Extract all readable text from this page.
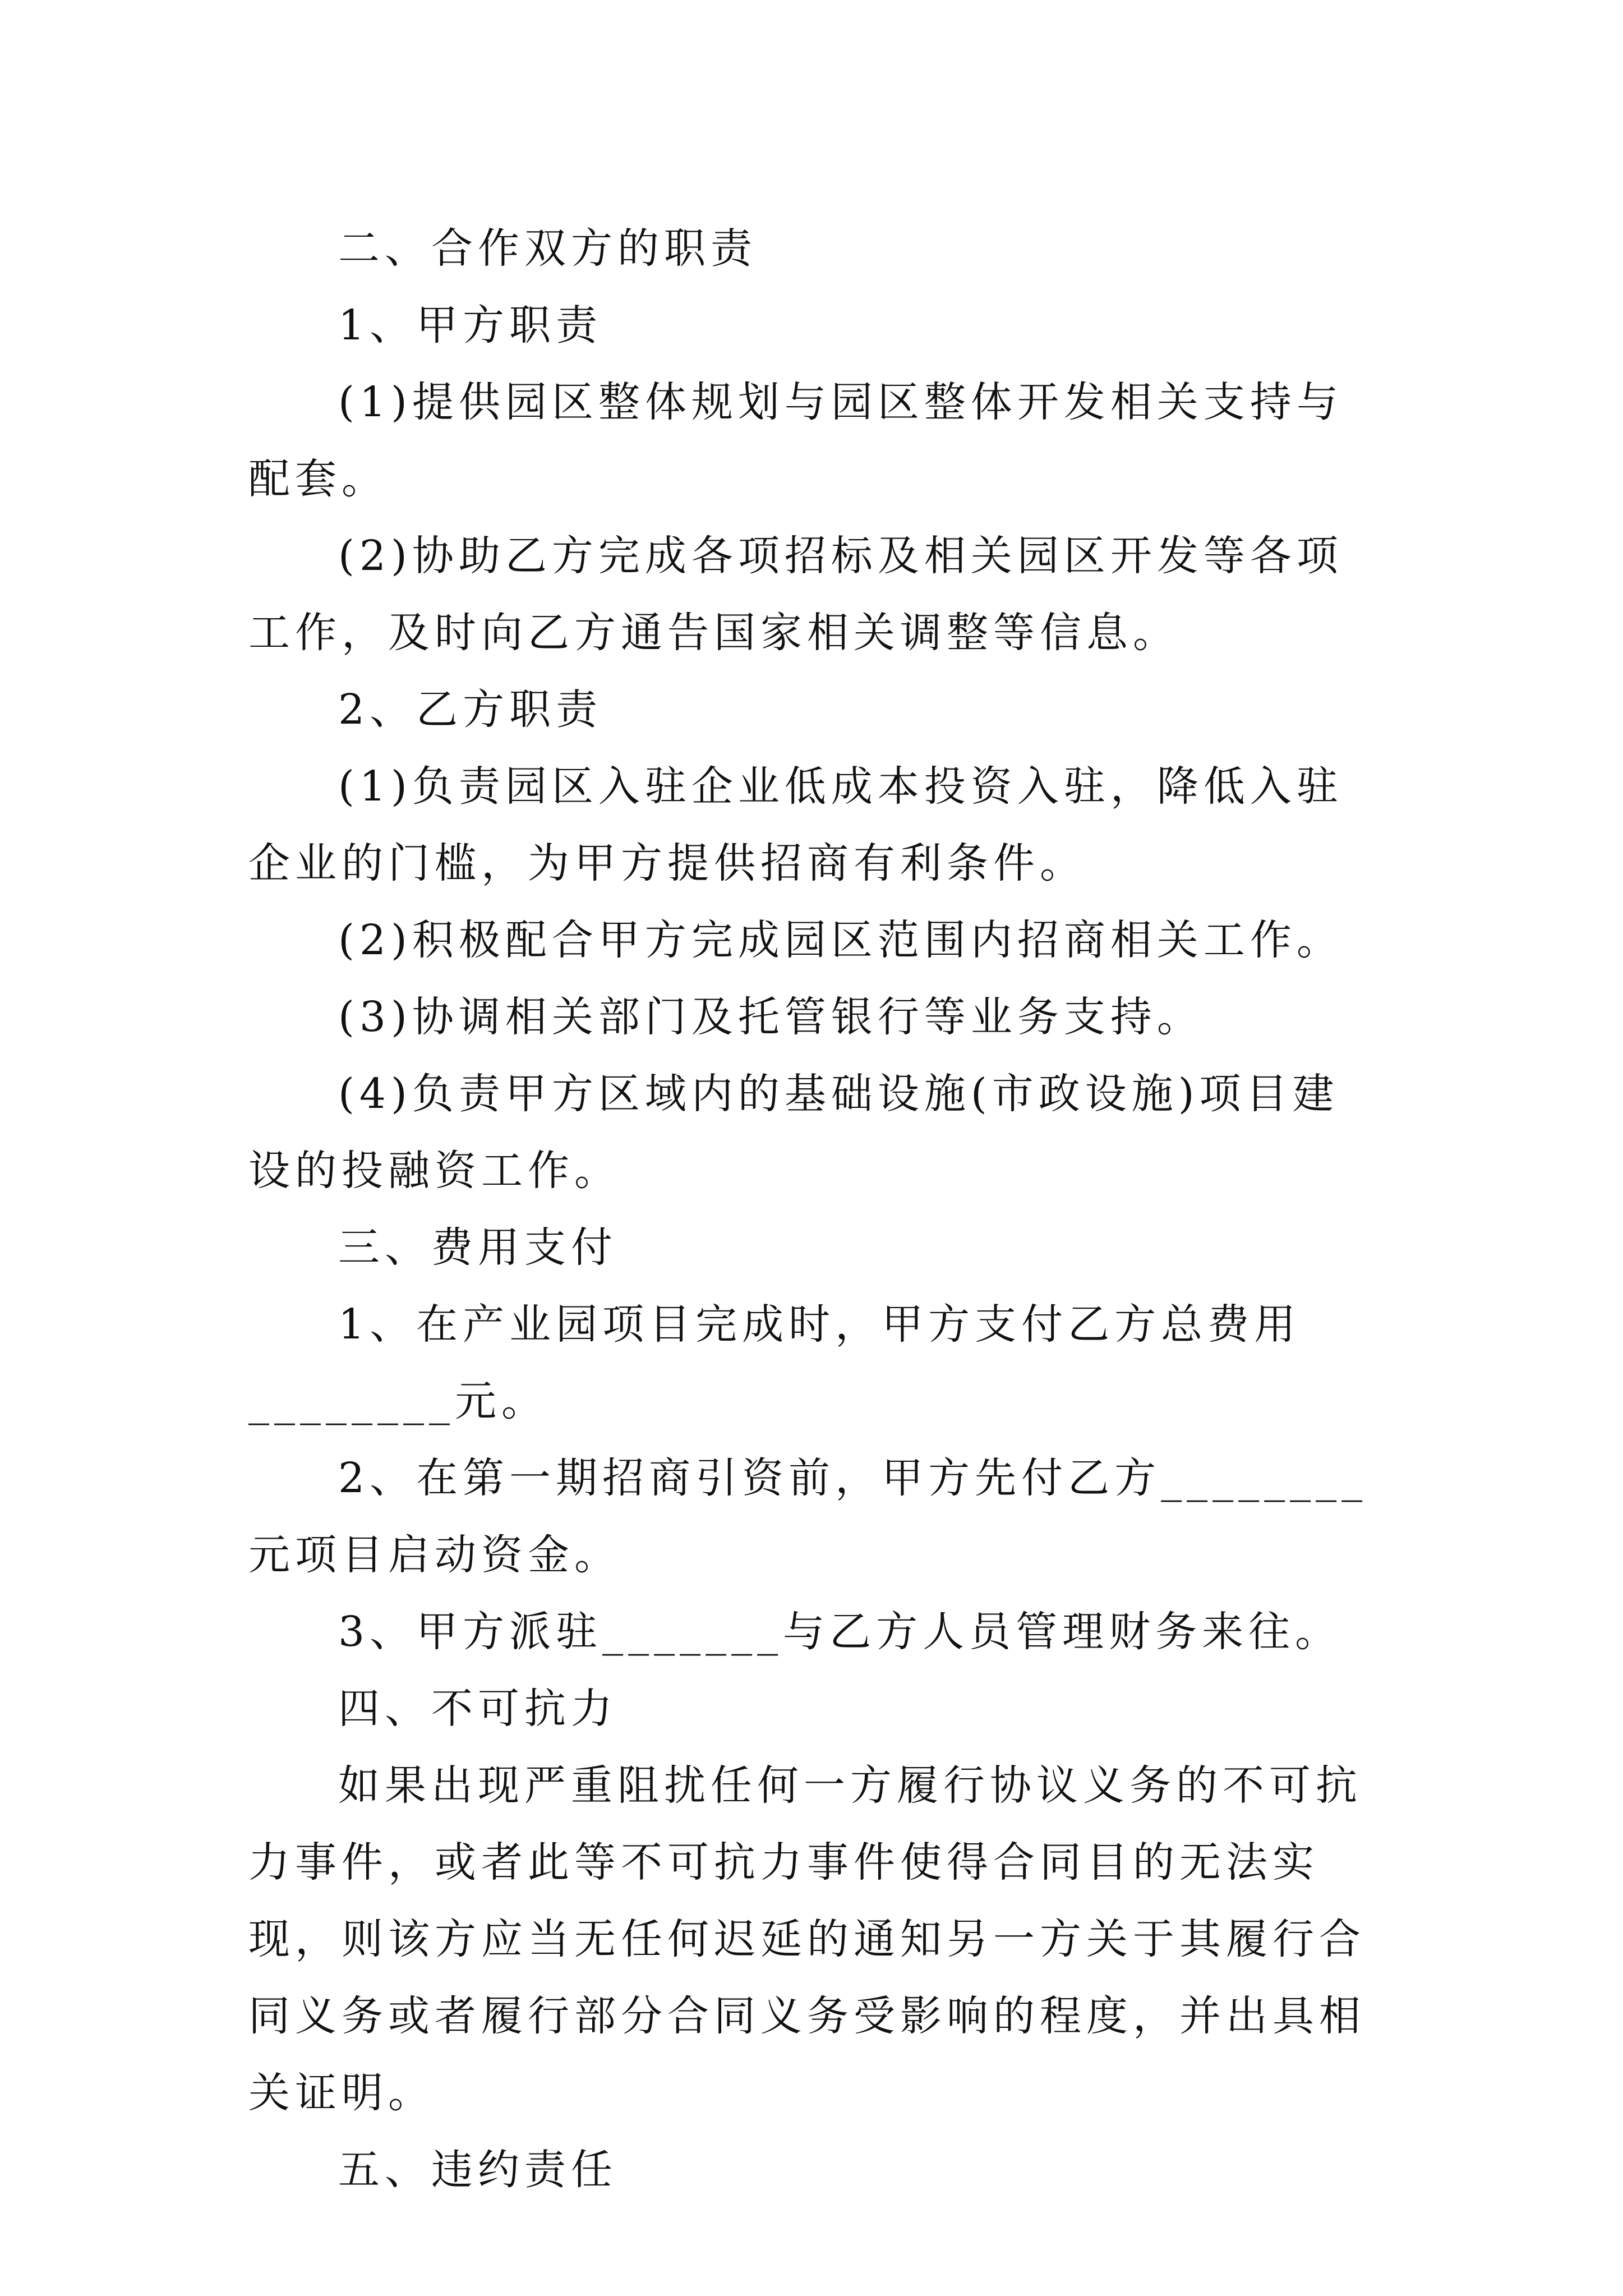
二、合作双方的职责

1、甲方职责

(1)提供园区整体规划与园区整体开发相关支持与配套。

(2)协助乙方完成各项招标及相关园区开发等各项工作，及时向乙方通告国家相关调整等信息。

2、乙方职责

(1)负责园区入驻企业低成本投资入驻，降低入驻企业的门槛，为甲方提供招商有利条件。

(2)积极配合甲方完成园区范围内招商相关工作。

(3)协调相关部门及托管银行等业务支持。

(4)负责甲方区域内的基础设施(市政设施)项目建设的投融资工作。

三、费用支付

1、在产业园项目完成时，甲方支付乙方总费用________元。

2、在第一期招商引资前，甲方先付乙方________元项目启动资金。

3、甲方派驻_______与乙方人员管理财务来往。

四、不可抗力

如果出现严重阻扰任何一方履行协议义务的不可抗力事件，或者此等不可抗力事件使得合同目的无法实现，则该方应当无任何迟延的通知另一方关于其履行合同义务或者履行部分合同义务受影响的程度，并出具相关证明。

五、违约责任
